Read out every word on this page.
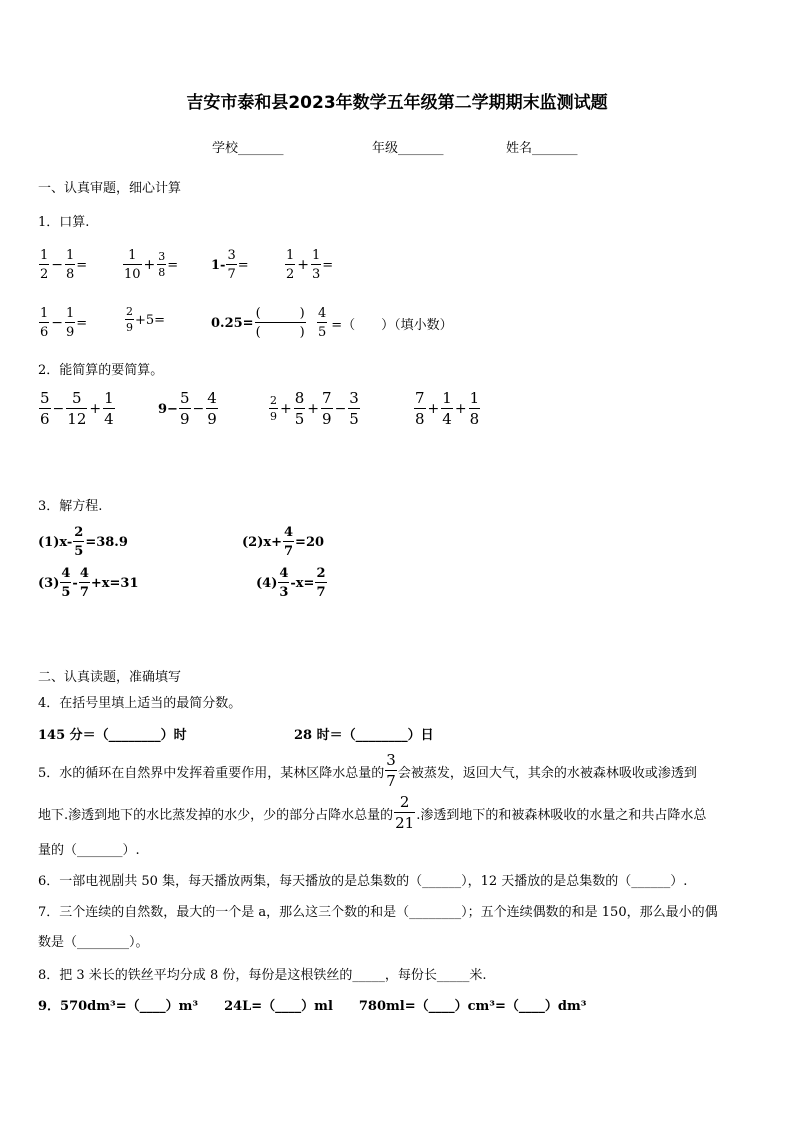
吉安市泰和县2023年数学五年级第二学期期末监测试题
学校_______	年级_______	姓名_______
一、认真审题，细心计算
1．口算.
$\frac{1}{2} - \frac{1}{8}$ =	$\frac{1}{10} + \frac{3}{8}$ =	$1- \frac{3}{7}$ =	$\frac{1}{2} + \frac{1}{3}$ =
$\frac{1}{6} - \frac{1}{9}$ =	$\frac{2}{9} +5=$	$0.25= \frac{( )}{( )} \frac{4}{5}$ =（　　）（填小数）
2．能简算的要简算。
$\frac{5}{6} - \frac{5}{12} + \frac{1}{4}$	$9- \frac{5}{9} - \frac{4}{9}$	$\frac{2}{9} + \frac{8}{5} + \frac{7}{9} - \frac{3}{5}$	$\frac{7}{8} + \frac{1}{4} + \frac{1}{8}$
3．解方程.
$(1)x- \frac{2}{5} =38.9$	$(2)x+ \frac{4}{7} =20$
$(3) \frac{4}{5} - \frac{4}{7} +x=31$	$(4) \frac{4}{3} -x= \frac{2}{7}$
二、认真读题，准确填写
4．在括号里填上适当的最简分数。
145 分＝（________）时	28 时＝（________）日
5．水的循环在自然界中发挥着重要作用，某林区降水总量的 $\frac{3}{7}$ 会被蒸发，返回大气，其余的水被森林吸收或渗透到
地下.渗透到地下的水比蒸发掉的水少，少的部分占降水总量的 $\frac{2}{21}$ .渗透到地下的和被森林吸收的水量之和共占降水总
量的（_______）.
6．一部电视剧共 50 集，每天播放两集，每天播放的是总集数的（______），12 天播放的是总集数的（______）.
7．三个连续的自然数，最大的一个是 a，那么这三个数的和是（________）；五个连续偶数的和是 150，那么最小的偶
数是（________）。
8．把 3 米长的铁丝平均分成 8 份，每份是这根铁丝的_____，每份长_____米.
9．570dm³=（____）m³　　24L=（____）ml　　780ml=（____）cm³=（____）dm³
